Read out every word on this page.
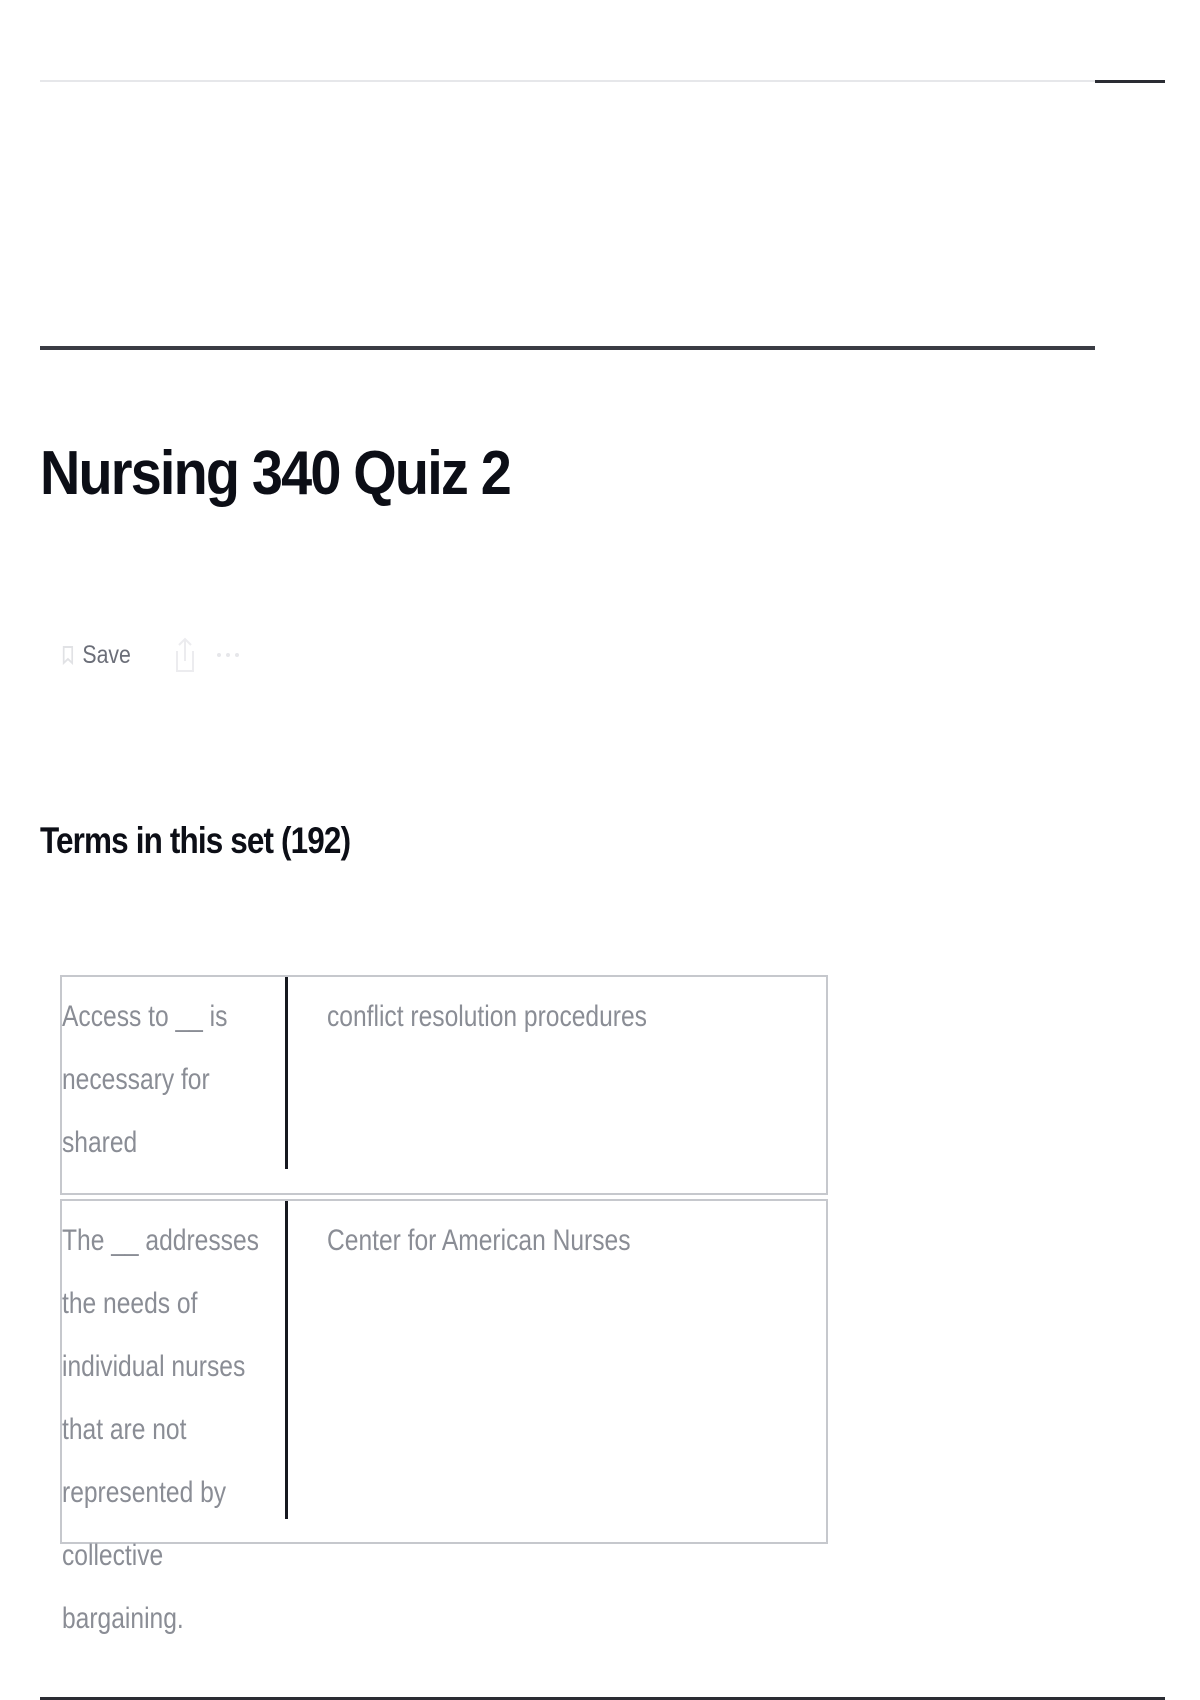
Nursing 340 Quiz 2
Save
Terms in this set (192)

Access to __ is necessary for shared

conflict resolution procedures

The __ addresses the needs of individual nurses that are not represented by collective bargaining.

Center for American Nurses
